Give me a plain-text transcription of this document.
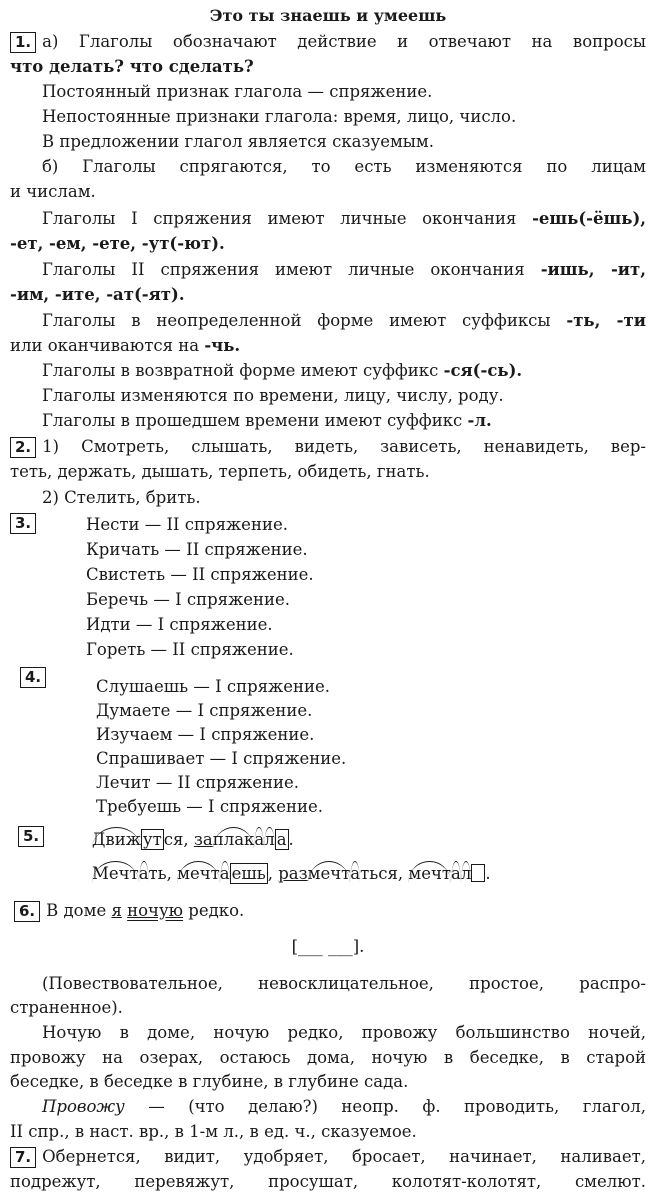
Это ты знаешь и умеешь
1. а) Глаголы обозначают действие и отвечают на вопросы
что делать? что сделать?
Постоянный признак глагола — спряжение.
Непостоянные признаки глагола: время, лицо, число.
В предложении глагол является сказуемым.
б) Глаголы спрягаются, то есть изменяются по лицам
и числам.
Глаголы I спряжения имеют личные окончания -ешь(-ёшь),
-ет, -ем, -ете, -ут(-ют).
Глаголы II спряжения имеют личные окончания -ишь, -ит,
-им, -ите, -ат(-ят).
Глаголы в неопределенной форме имеют суффиксы -ть, -ти
или оканчиваются на -чь.
Глаголы в возвратной форме имеют суффикс -ся(-сь).
Глаголы изменяются по времени, лицу, числу, роду.
Глаголы в прошедшем времени имеют суффикс -л.
2. 1) Смотреть, слышать, видеть, зависеть, ненавидеть, вер-
теть, держать, дышать, терпеть, обидеть, гнать.
2) Стелить, брить.
3.	Нести — II спряжение.
Кричать — II спряжение.
Свистеть — II спряжение.
Беречь — I спряжение.
Идти — I спряжение.
Гореть — II спряжение.
4.	Слушаешь — I спряжение.
Думаете — I спряжение.
Изучаем — I спряжение.
Спрашивает — I спряжение.
Лечит — II спряжение.
Требуешь — I спряжение.
5.	Движ ут ся, заплакал а .
Мечтать, мечта ешь , размечтаться, мечтал .
6. В доме я ночую редко.
[___ ___].
(Повествовательное, невосклицательное, простое, распро-
страненное).
Ночую в доме, ночую редко, провожу большинство ночей,
провожу на озерах, остаюсь дома, ночую в беседке, в старой
беседке, в беседке в глубине, в глубине сада.
Провожу — (что делаю?) неопр. ф. проводить, глагол,
II спр., в наст. вр., в 1-м л., в ед. ч., сказуемое.
7. Обернется, видит, удобряет, бросает, начинает, наливает,
подрежут, перевяжут, просушат, колотят-колотят, смелют.
